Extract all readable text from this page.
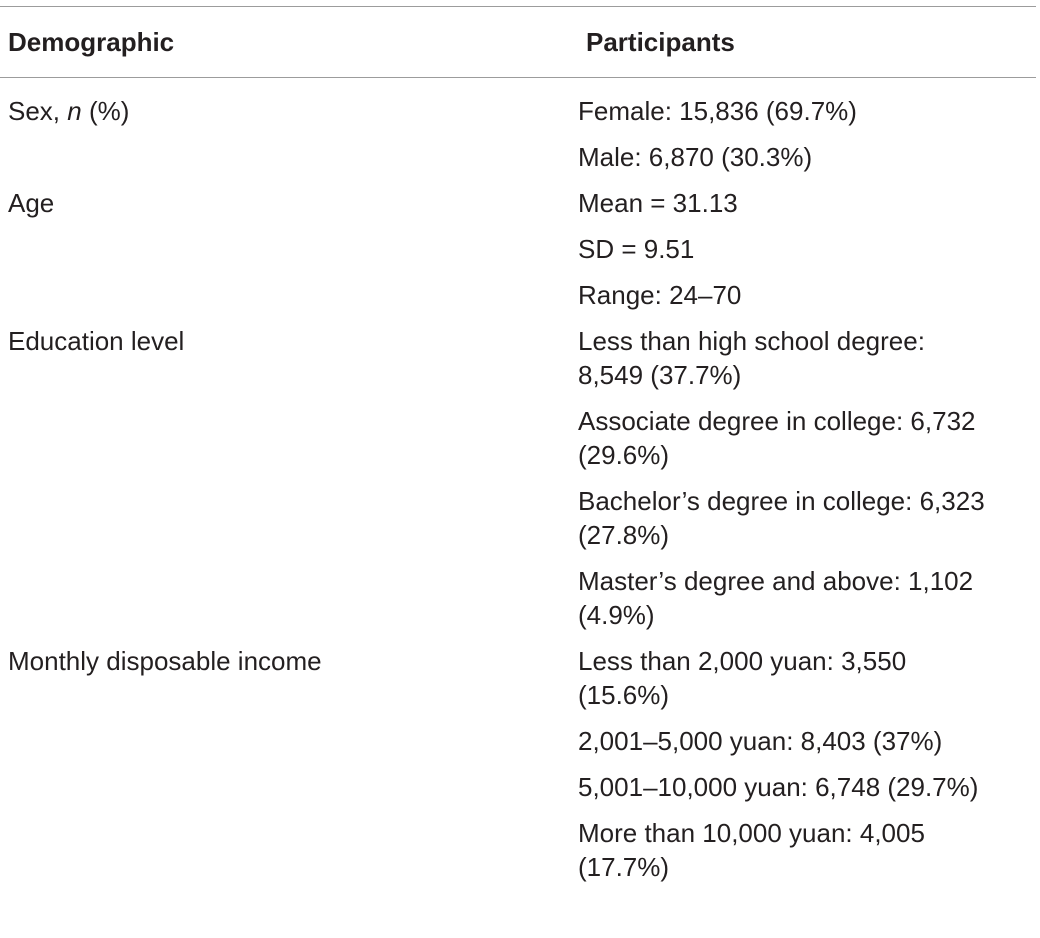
Demographic	Participants
Sex, n (%)	Female: 15,836 (69.7%)
Male: 6,870 (30.3%)
Age	Mean = 31.13
SD = 9.51
Range: 24–70
Education level	Less than high school degree:
8,549 (37.7%)
Associate degree in college: 6,732
(29.6%)
Bachelor’s degree in college: 6,323
(27.8%)
Master’s degree and above: 1,102
(4.9%)
Monthly disposable income	Less than 2,000 yuan: 3,550
(15.6%)
2,001–5,000 yuan: 8,403 (37%)
5,001–10,000 yuan: 6,748 (29.7%)
More than 10,000 yuan: 4,005
(17.7%)
